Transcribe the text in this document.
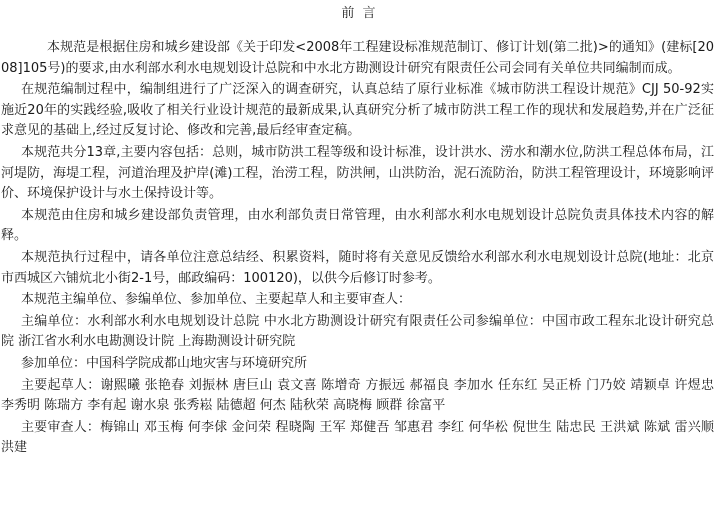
前 言

本规范是根据住房和城乡建设部《关于印发<2008年工程建设标准规范制订、修订计划(第二批)>的通知》(建标[2008]105号)的要求,由水利部水利水电规划设计总院和中水北方勘测设计研究有限责任公司会同有关单位共同编制而成。

在规范编制过程中，编制组进行了广泛深入的调查研究，认真总结了原行业标准《城市防洪工程设计规范》CJJ 50-92实施近20年的实践经验,吸收了相关行业设计规范的最新成果,认真研究分析了城市防洪工程工作的现状和发展趋势,并在广泛征求意见的基础上,经过反复讨论、修改和完善,最后经审查定稿。

本规范共分13章,主要内容包括：总则，城市防洪工程等级和设计标准，设计洪水、涝水和潮水位,防洪工程总体布局，江河堤防，海堤工程，河道治理及护岸(滩)工程，治涝工程，防洪闸，山洪防治，泥石流防治，防洪工程管理设计，环境影响评价、环境保护设计与水土保持设计等。

本规范由住房和城乡建设部负责管理，由水利部负责日常管理，由水利部水利水电规划设计总院负责具体技术内容的解释。

本规范执行过程中，请各单位注意总结经、积累资料，随时将有关意见反馈给水利部水利水电规划设计总院(地址：北京市西城区六铺炕北小街2-1号，邮政编码：100120)，以供今后修订时参考。

本规范主编单位、参编单位、参加单位、主要起草人和主要审查人：

主编单位：水利部水利水电规划设计总院 中水北方勘测设计研究有限责任公司参编单位：中国市政工程东北设计研究总院 浙江省水利水电勘测设计院 上海勘测设计研究院

参加单位：中国科学院成都山地灾害与环境研究所

主要起草人：谢熙曦 张艳春 刘振林 唐巨山 袁文喜 陈增奇 方振远 郝福良 李加水 任东红 吴正桥 门乃姣 靖颖卓 许煜忠 李秀明 陈瑞方 李有起 谢水泉 张秀崧 陆德超 何杰 陆秋荣 高晓梅 顾群 徐富平

主要审查人：梅锦山 邓玉梅 何李俅 金问荣 程晓陶 王军 郑健吾 邹惠君 李红 何华松 倪世生 陆忠民 王洪斌 陈斌 雷兴顺 洪建
